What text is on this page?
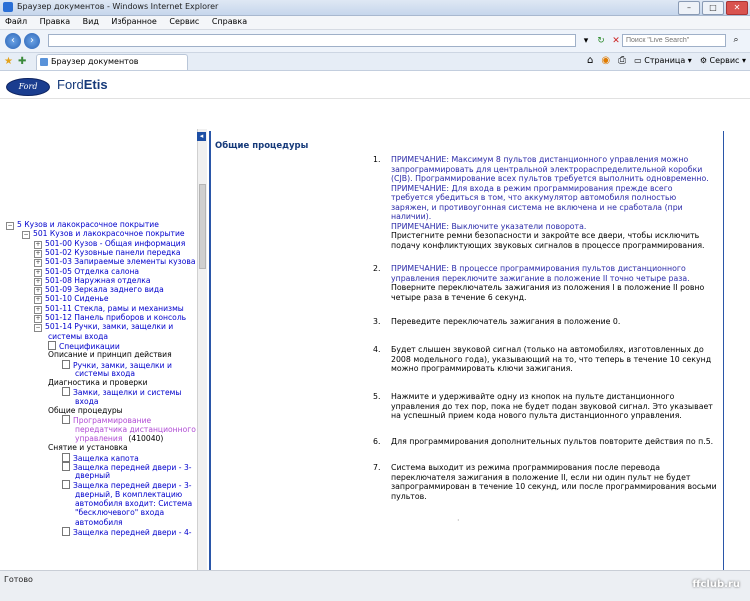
Браузер документов - Windows Internet Explorer	–	□	✕
Файл Правка Вид Избранное Сервис Справка
‹	›	▾ ↻ ✕
Поиск "Live Search"	⌕
★ ✚	Браузер документов	⌂ ◉ ⎙ ▭ Страница ▾ ⚙ Сервис ▾
Ford	FordEtis
− 5 Кузов и лакокрасочное покрытие
− 501 Кузов и лакокрасочное покрытие
+ 501-00 Кузов - Общая информация
+ 501-02 Кузовные панели передка
+ 501-03 Запираемые элементы кузова
+ 501-05 Отделка салона
+ 501-08 Наружная отделка
+ 501-09 Зеркала заднего вида
+ 501-10 Сиденье
+ 501-11 Стекла, рамы и механизмы
+ 501-12 Панель приборов и консоль
− 501-14 Ручки, замки, защелки и
системы входа
Спецификации
Описание и принцип действия
Ручки, замки, защелки и
системы входа
Диагностика и проверки
Замки, защелки и системы
входа
Общие процедуры
Программирование
передатчика дистанционного
управления (410040)
Снятие и установка
Защелка капота
Защелка передней двери - 3-
дверный
Защелка передней двери - 3-
дверный, В комплектацию
автомобиля входит: Система
"бесключевого" входа
автомобиля
Защелка передней двери - 4-
◂
Общие процедуры
1. ПРИМЕЧАНИЕ: Максимум 8 пультов дистанционного управления можно
запрограммировать для центральной электрораспределительной коробки
(CJB). Программирование всех пультов требуется выполнить одновременно.
ПРИМЕЧАНИЕ: Для входа в режим программирования прежде всего
требуется убедиться в том, что аккумулятор автомобиля полностью
заряжен, и противоугонная система не включена и не сработала (при
наличии).
ПРИМЕЧАНИЕ: Выключите указатели поворота.
Пристегните ремни безопасности и закройте все двери, чтобы исключить
подачу конфликтующих звуковых сигналов в процессе программирования.
2. ПРИМЕЧАНИЕ: В процессе программирования пультов дистанционного
управления переключите зажигание в положение II точно четыре раза.
Поверните переключатель зажигания из положения I в положение II ровно
четыре раза в течение 6 секунд.
3. Переведите переключатель зажигания в положение 0.
4. Будет слышен звуковой сигнал (только на автомобилях, изготовленных до
2008 модельного года), указывающий на то, что теперь в течение 10 секунд
можно программировать ключи зажигания.
5. Нажмите и удерживайте одну из кнопок на пульте дистанционного
управления до тех пор, пока не будет подан звуковой сигнал. Это указывает
на успешный прием кода нового пульта дистанционного управления.
6. Для программирования дополнительных пультов повторите действия по п.5.
7. Система выходит из режима программирования после перевода
переключателя зажигания в положение II, если ни один пульт не будет
запрограммирован в течение 10 секунд, или после программирования восьми
пультов.
·
Готово	ffclub.ru
